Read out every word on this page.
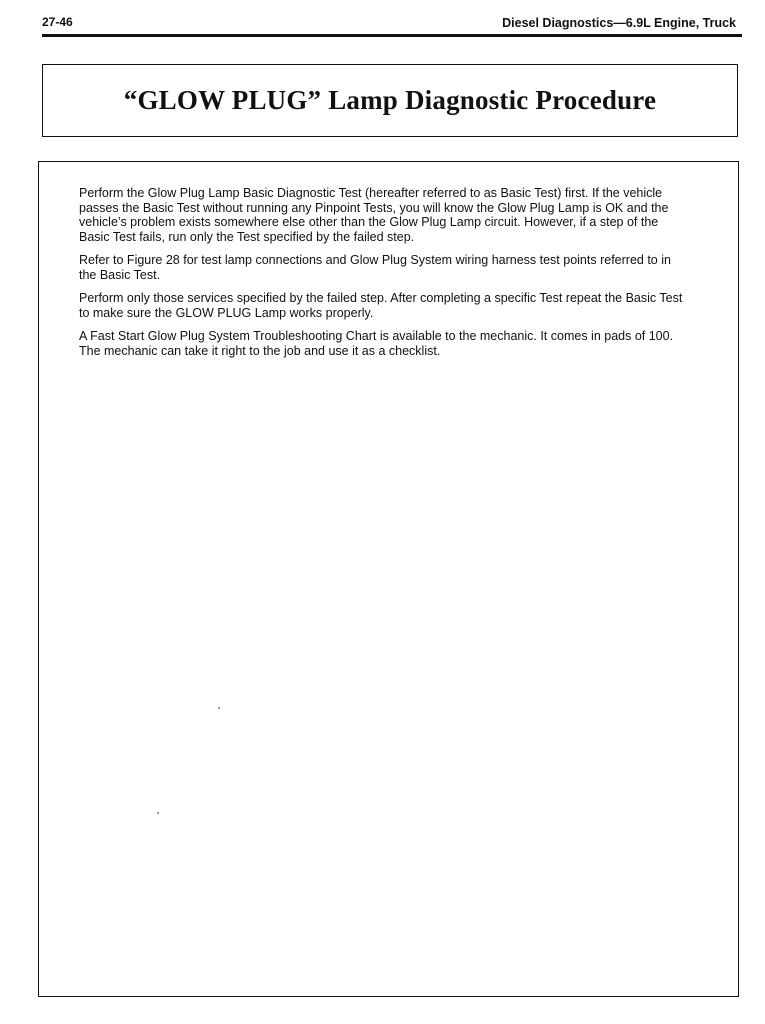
27-46	Diesel Diagnostics—6.9L Engine, Truck
“GLOW PLUG” Lamp Diagnostic Procedure

Perform the Glow Plug Lamp Basic Diagnostic Test (hereafter referred to as Basic Test) first. If the vehicle passes the Basic Test without running any Pinpoint Tests, you will know the Glow Plug Lamp is OK and the vehicle’s problem exists somewhere else other than the Glow Plug Lamp circuit. However, if a step of the Basic Test fails, run only the Test specified by the failed step.

Refer to Figure 28 for test lamp connections and Glow Plug System wiring harness test points referred to in the Basic Test.

Perform only those services specified by the failed step. After completing a specific Test repeat the Basic Test to make sure the GLOW PLUG Lamp works properly.

A Fast Start Glow Plug System Troubleshooting Chart is available to the mechanic. It comes in pads of 100. The mechanic can take it right to the job and use it as a checklist.
